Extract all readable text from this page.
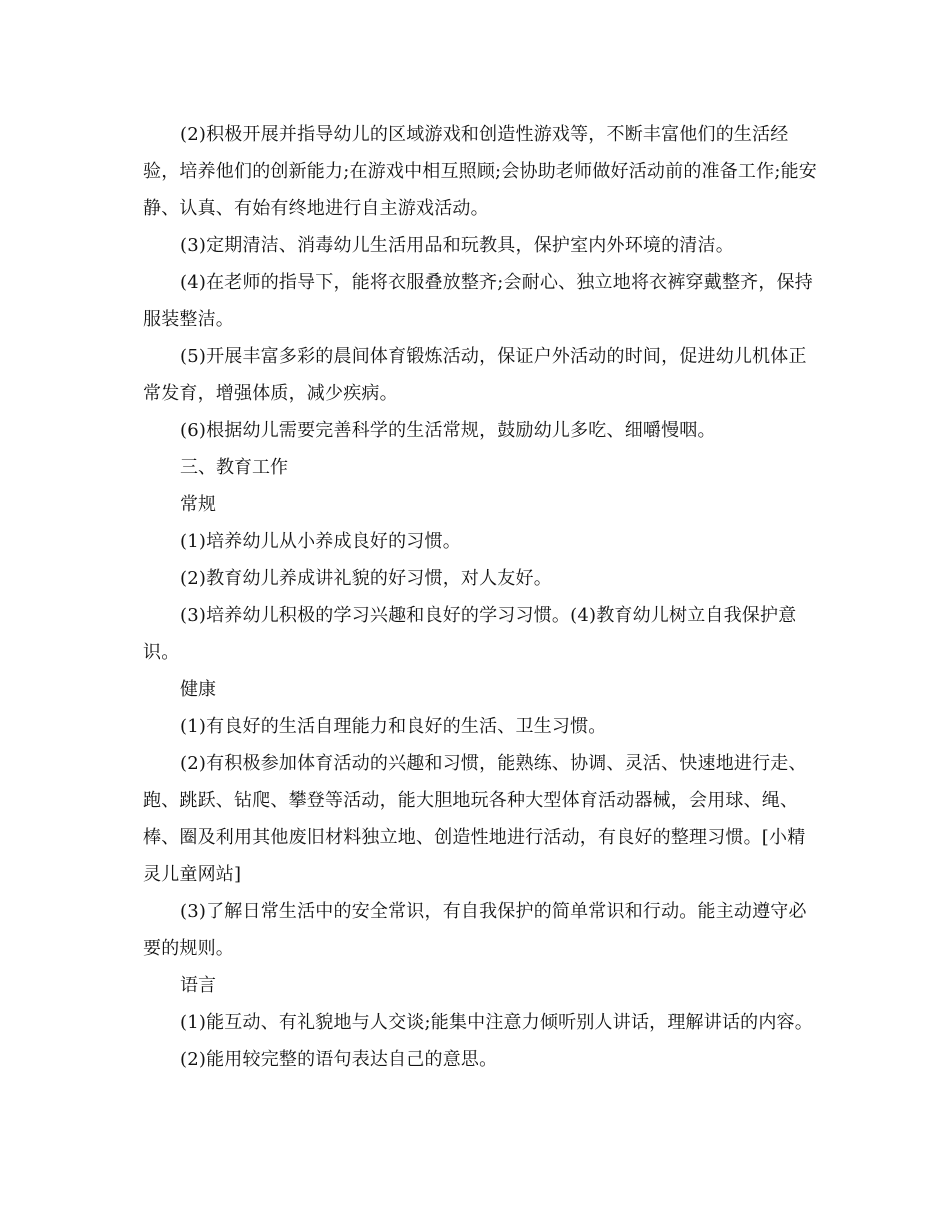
(2)积极开展并指导幼儿的区域游戏和创造性游戏等，不断丰富他们的生活经验，培养他们的创新能力;在游戏中相互照顾;会协助老师做好活动前的准备工作;能安静、认真、有始有终地进行自主游戏活动。

(3)定期清洁、消毒幼儿生活用品和玩教具，保护室内外环境的清洁。

(4)在老师的指导下，能将衣服叠放整齐;会耐心、独立地将衣裤穿戴整齐，保持服装整洁。

(5)开展丰富多彩的晨间体育锻炼活动，保证户外活动的时间，促进幼儿机体正常发育，增强体质，减少疾病。

(6)根据幼儿需要完善科学的生活常规，鼓励幼儿多吃、细嚼慢咽。

三、教育工作

常规

(1)培养幼儿从小养成良好的习惯。

(2)教育幼儿养成讲礼貌的好习惯，对人友好。

(3)培养幼儿积极的学习兴趣和良好的学习习惯。(4)教育幼儿树立自我保护意识。

健康

(1)有良好的生活自理能力和良好的生活、卫生习惯。

(2)有积极参加体育活动的兴趣和习惯，能熟练、协调、灵活、快速地进行走、跑、跳跃、钻爬、攀登等活动，能大胆地玩各种大型体育活动器械，会用球、绳、棒、圈及利用其他废旧材料独立地、创造性地进行活动，有良好的整理习惯。[小精灵儿童网站]

(3)了解日常生活中的安全常识，有自我保护的简单常识和行动。能主动遵守必要的规则。

语言

(1)能互动、有礼貌地与人交谈;能集中注意力倾听别人讲话，理解讲话的内容。

(2)能用较完整的语句表达自己的意思。
